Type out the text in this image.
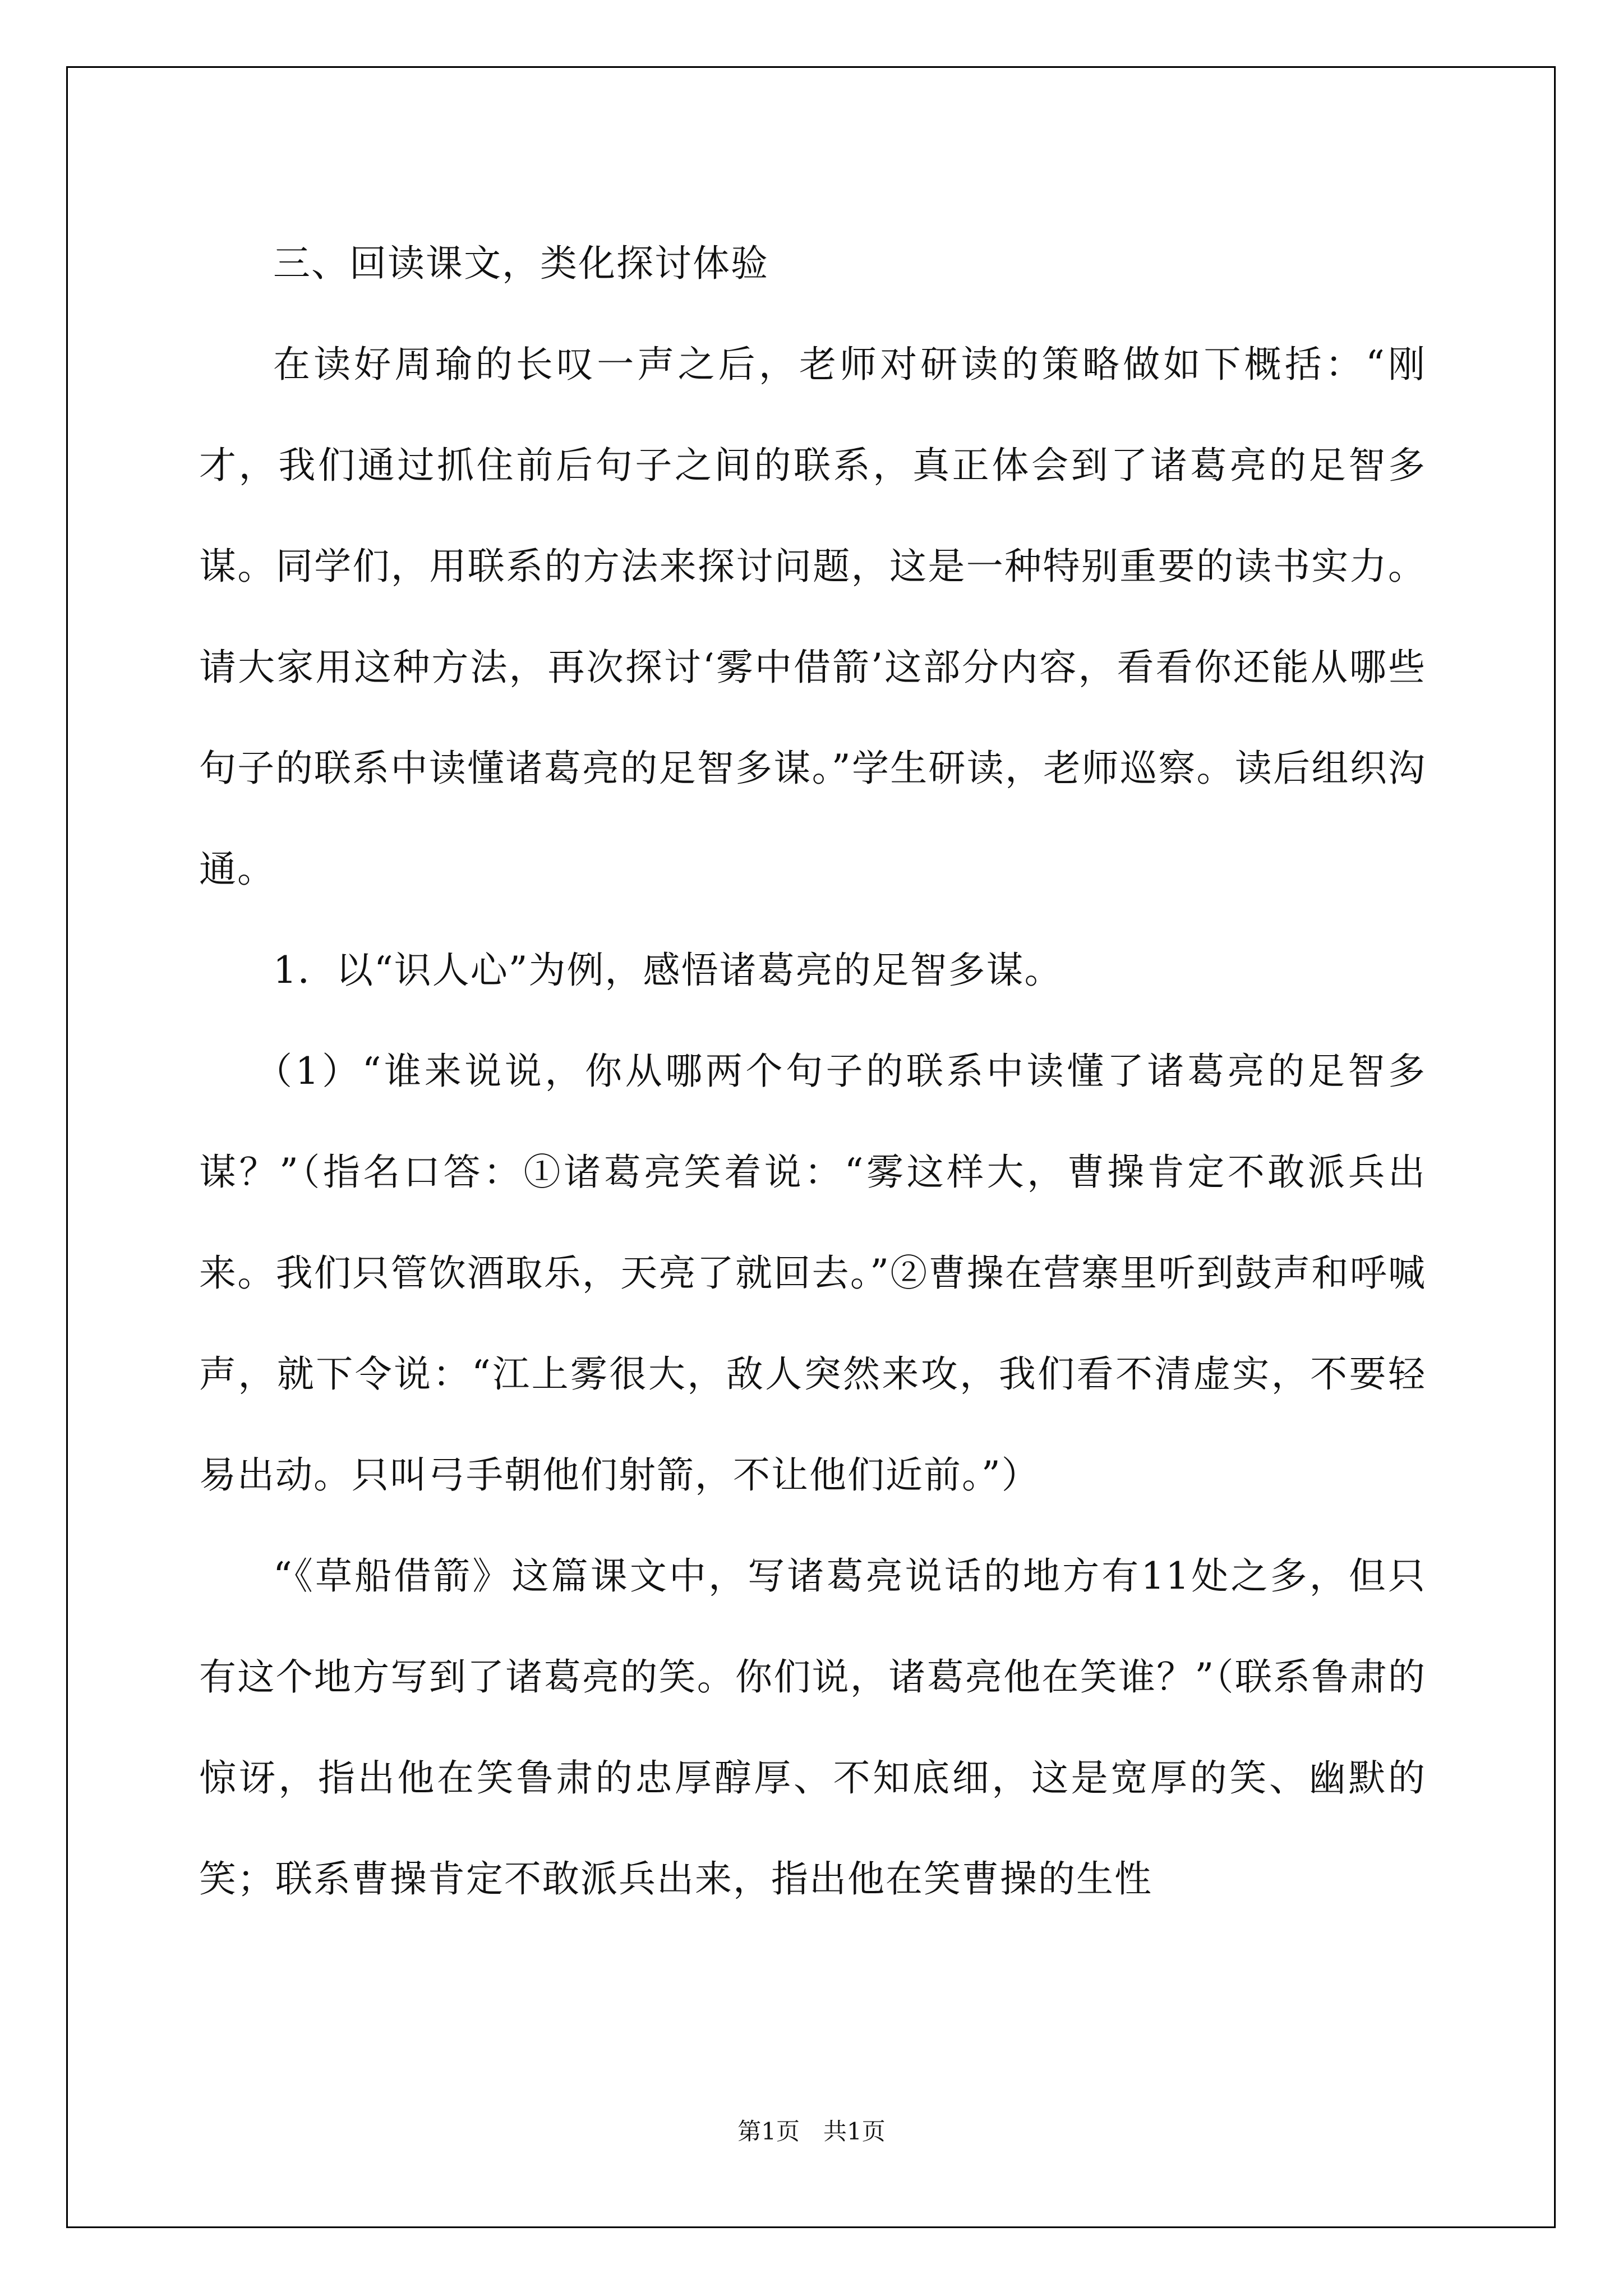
三、回读课文，类化探讨体验

在读好周瑜的长叹一声之后，老师对研读的策略做如下概括：“刚才，我们通过抓住前后句子之间的联系，真正体会到了诸葛亮的足智多谋。同学们，用联系的方法来探讨问题，这是一种特别重要的读书实力。请大家用这种方法，再次探讨‘雾中借箭’这部分内容，看看你还能从哪些句子的联系中读懂诸葛亮的足智多谋。”学生研读，老师巡察。读后组织沟通。

1．以“识人心”为例，感悟诸葛亮的足智多谋。

（1）“谁来说说，你从哪两个句子的联系中读懂了诸葛亮的足智多谋？”（指名口答：①诸葛亮笑着说：“雾这样大，曹操肯定不敢派兵出来。我们只管饮酒取乐，天亮了就回去。”②曹操在营寨里听到鼓声和呼喊声，就下令说：“江上雾很大，敌人突然来攻，我们看不清虚实，不要轻易出动。只叫弓手朝他们射箭，不让他们近前。”）

“《草船借箭》这篇课文中，写诸葛亮说话的地方有11处之多，但只有这个地方写到了诸葛亮的笑。你们说，诸葛亮他在笑谁？”（联系鲁肃的惊讶，指出他在笑鲁肃的忠厚醇厚、不知底细，这是宽厚的笑、幽默的笑；联系曹操肯定不敢派兵出来，指出他在笑曹操的生性

第1页　共1页
